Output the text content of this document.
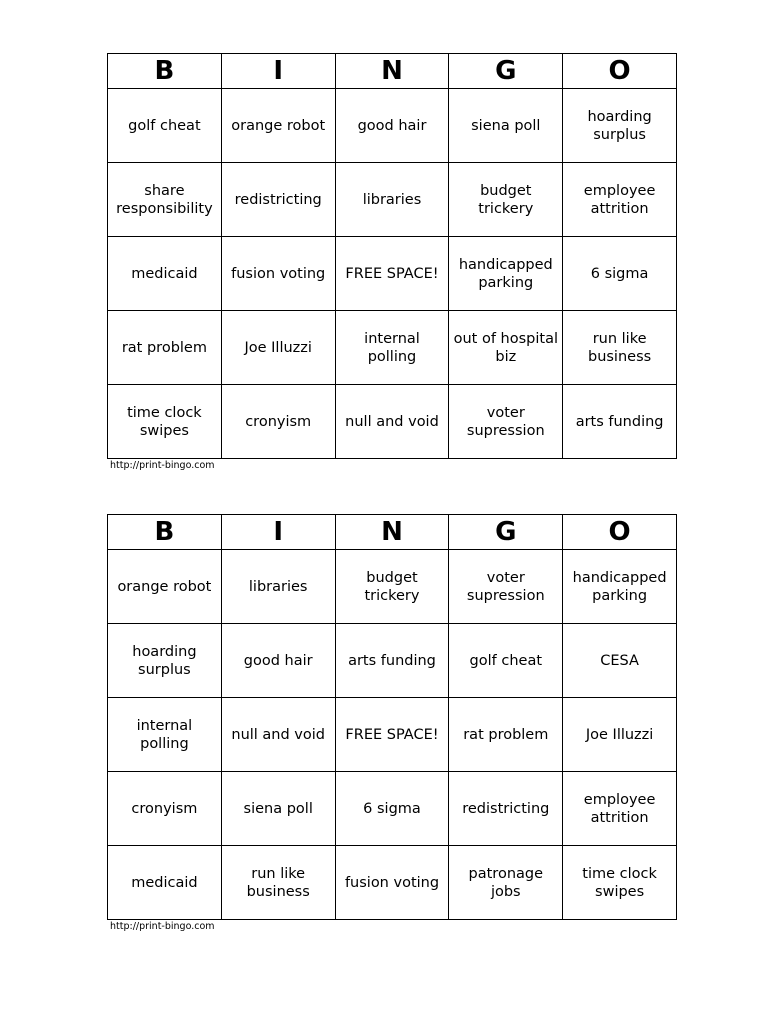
B	I	N	G	O
golf cheat	orange robot	good hair	siena poll	hoarding surplus
share responsibility	redistricting	libraries	budget trickery	employee attrition
medicaid	fusion voting	FREE SPACE!	handicapped parking	6 sigma
rat problem	Joe Illuzzi	internal polling	out of hospital biz	run like business
time clock swipes	cronyism	null and void	voter supression	arts funding
http://print-bingo.com
B	I	N	G	O
orange robot	libraries	budget trickery	voter supression	handicapped parking
hoarding surplus	good hair	arts funding	golf cheat	CESA
internal polling	null and void	FREE SPACE!	rat problem	Joe Illuzzi
cronyism	siena poll	6 sigma	redistricting	employee attrition
medicaid	run like business	fusion voting	patronage jobs	time clock swipes
http://print-bingo.com
